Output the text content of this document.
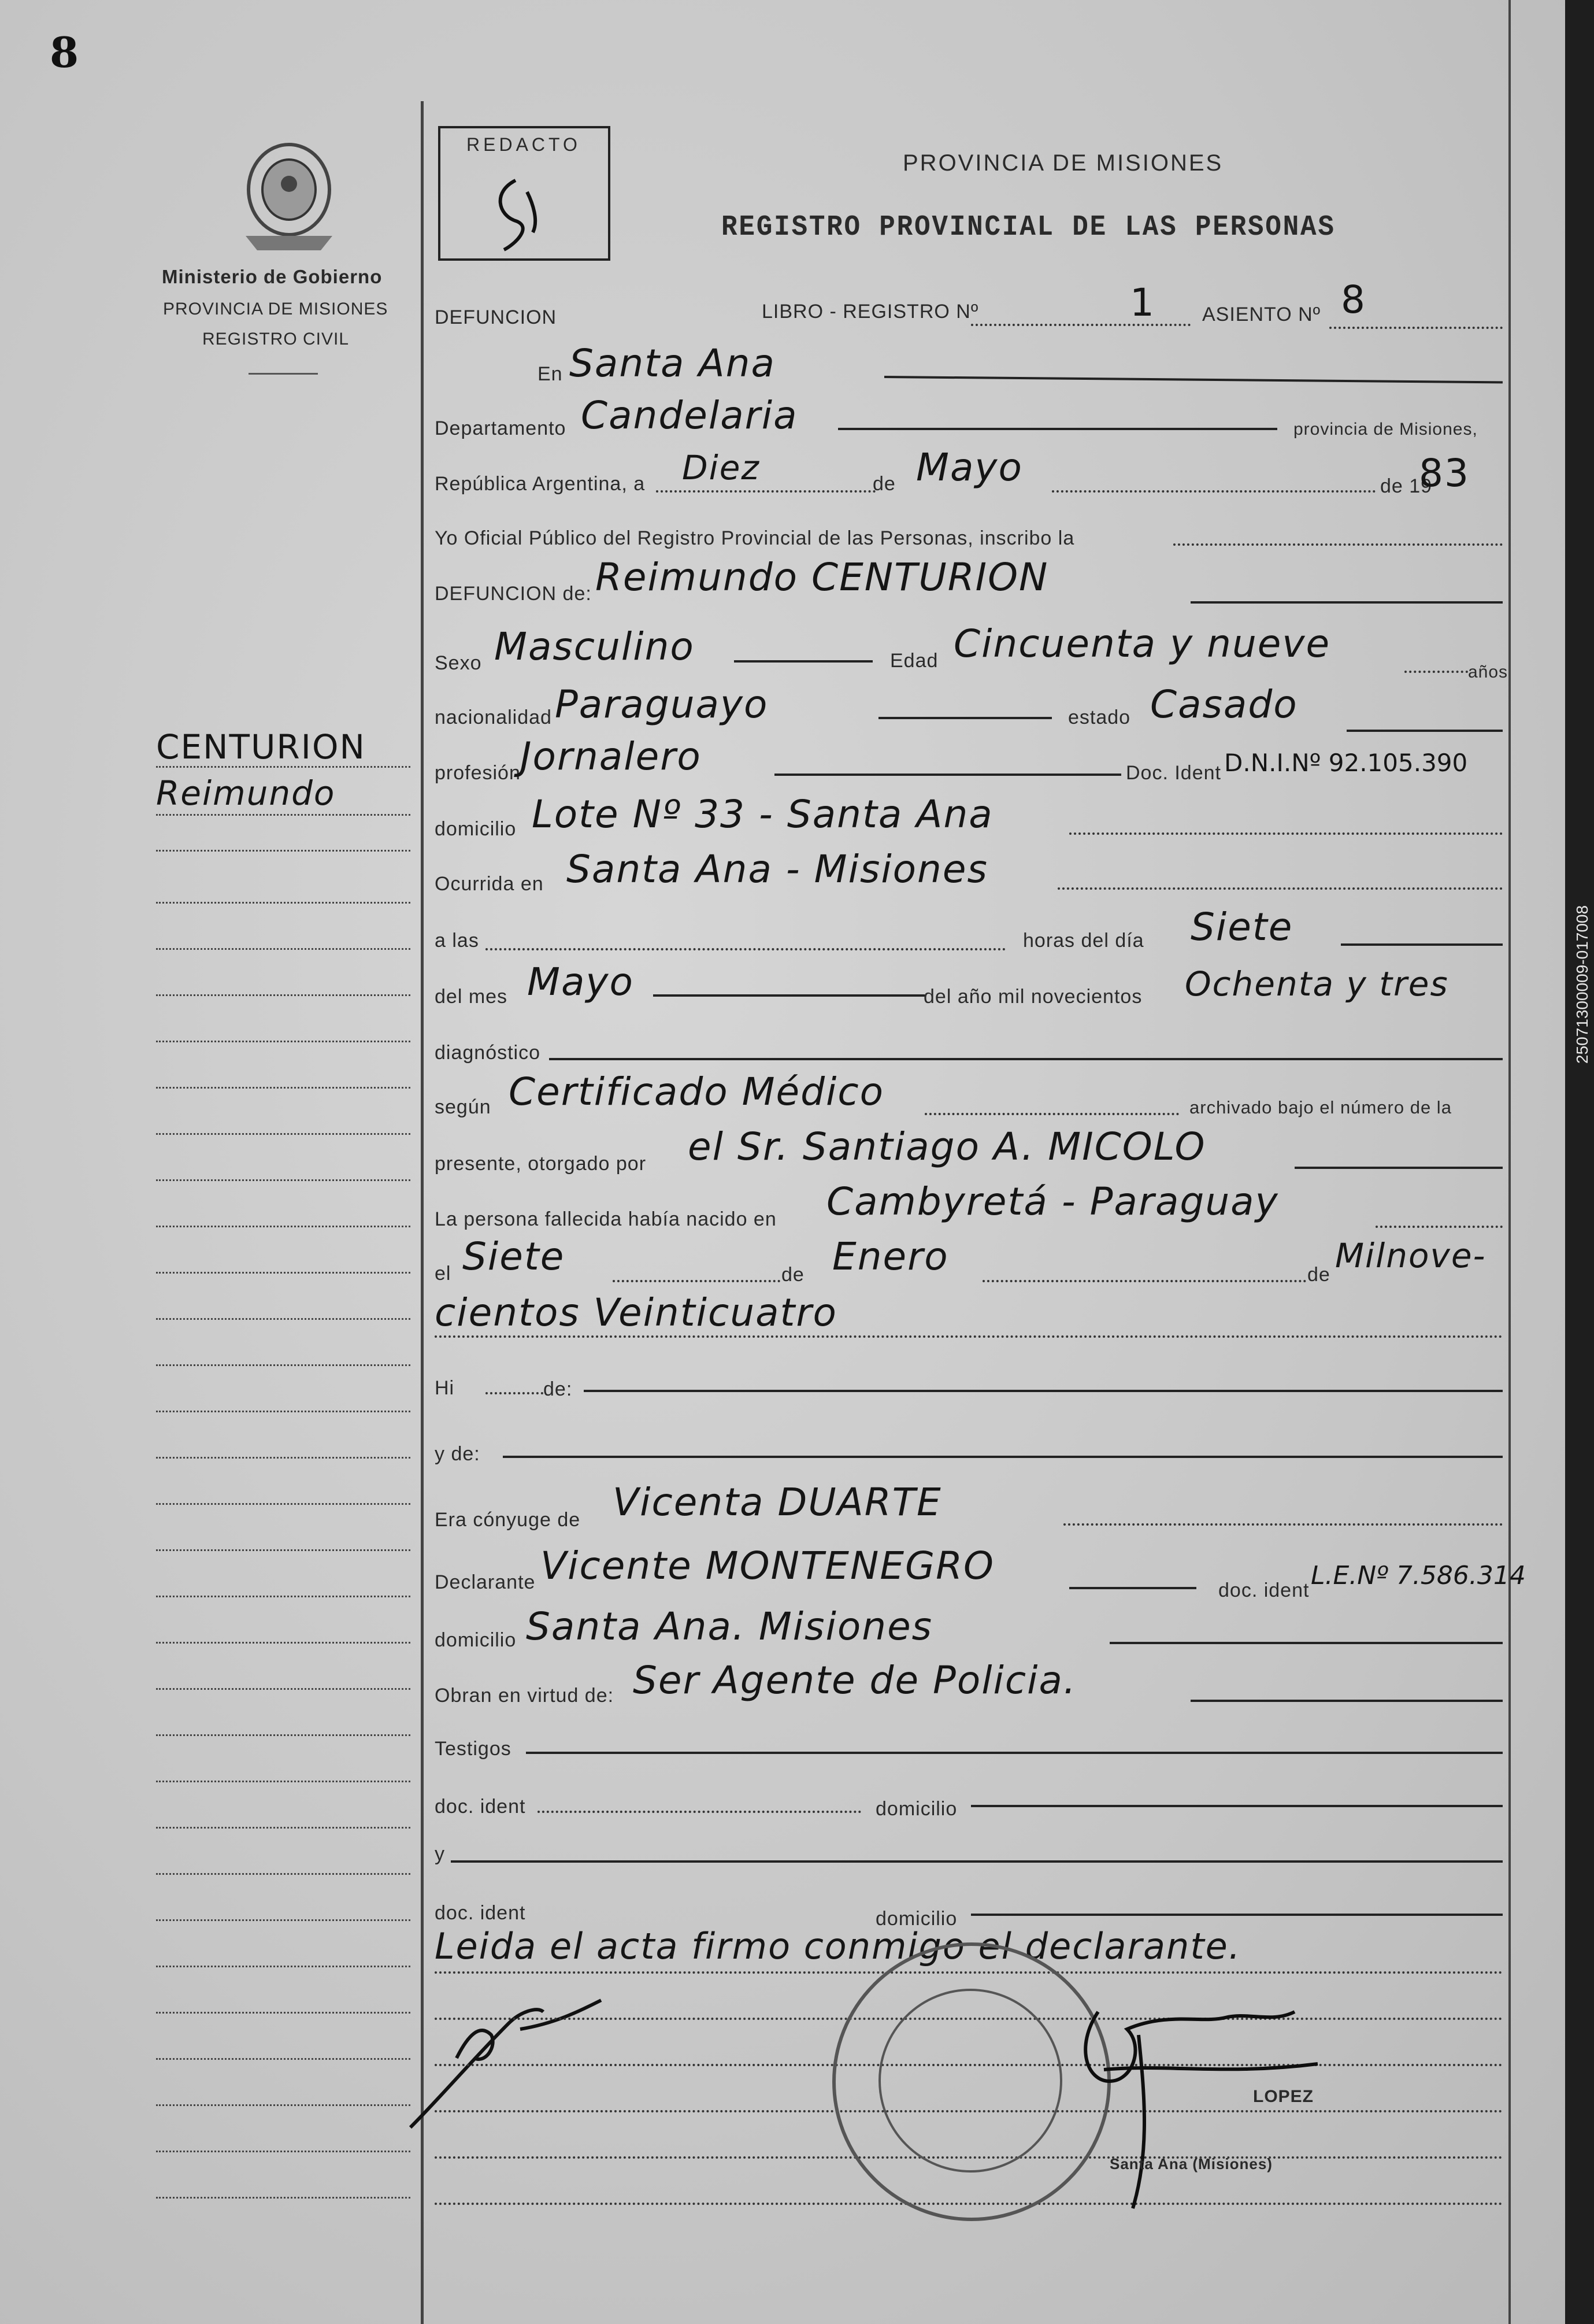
8
Ministerio de Gobierno
PROVINCIA DE MISIONES
REGISTRO CIVIL
CENTURION
Reimundo
REDACTO
PROVINCIA DE MISIONES
REGISTRO PROVINCIAL DE LAS PERSONAS
DEFUNCION	LIBRO - REGISTRO Nº	1 ASIENTO Nº 8
En Santa Ana
Departamento Candelaria	provincia de Misiones,
República Argentina, a Diez	de Mayo	de 19
83
Yo Oficial Público del Registro Provincial de las Personas, inscribo la
DEFUNCION de: Reimundo CENTURION
Sexo Masculino	Edad Cincuenta y nueve
años
nacionalidad Paraguayo	estado Casado
profesión Jornalero	Doc. Ident D.N.I.Nº 92.105.390
domicilio Lote Nº 33 - Santa Ana
Ocurrida en Santa Ana - Misiones
a las	horas del día Siete
del mes Mayo	del año mil novecientos Ochenta y tres
diagnóstico
según Certificado Médico	archivado bajo el número de la
presente, otorgado por el Sr. Santiago A. MICOLO
La persona fallecida había nacido en Cambyretá - Paraguay
el Siete	de Enero	de Milnove-
cientos Veinticuatro
Hi	de:
y de:
Era cónyuge de Vicenta DUARTE
Declarante Vicente MONTENEGRO
doc. ident L.E.Nº 7.586.314
domicilio Santa Ana. Misiones
Obran en virtud de: Ser Agente de Policia.
Testigos
doc. ident	domicilio
y
doc. ident	domicilio
Leida el acta firmo conmigo el declarante.
LOPEZ
Santa Ana (Misiones)
25071300009-017008
